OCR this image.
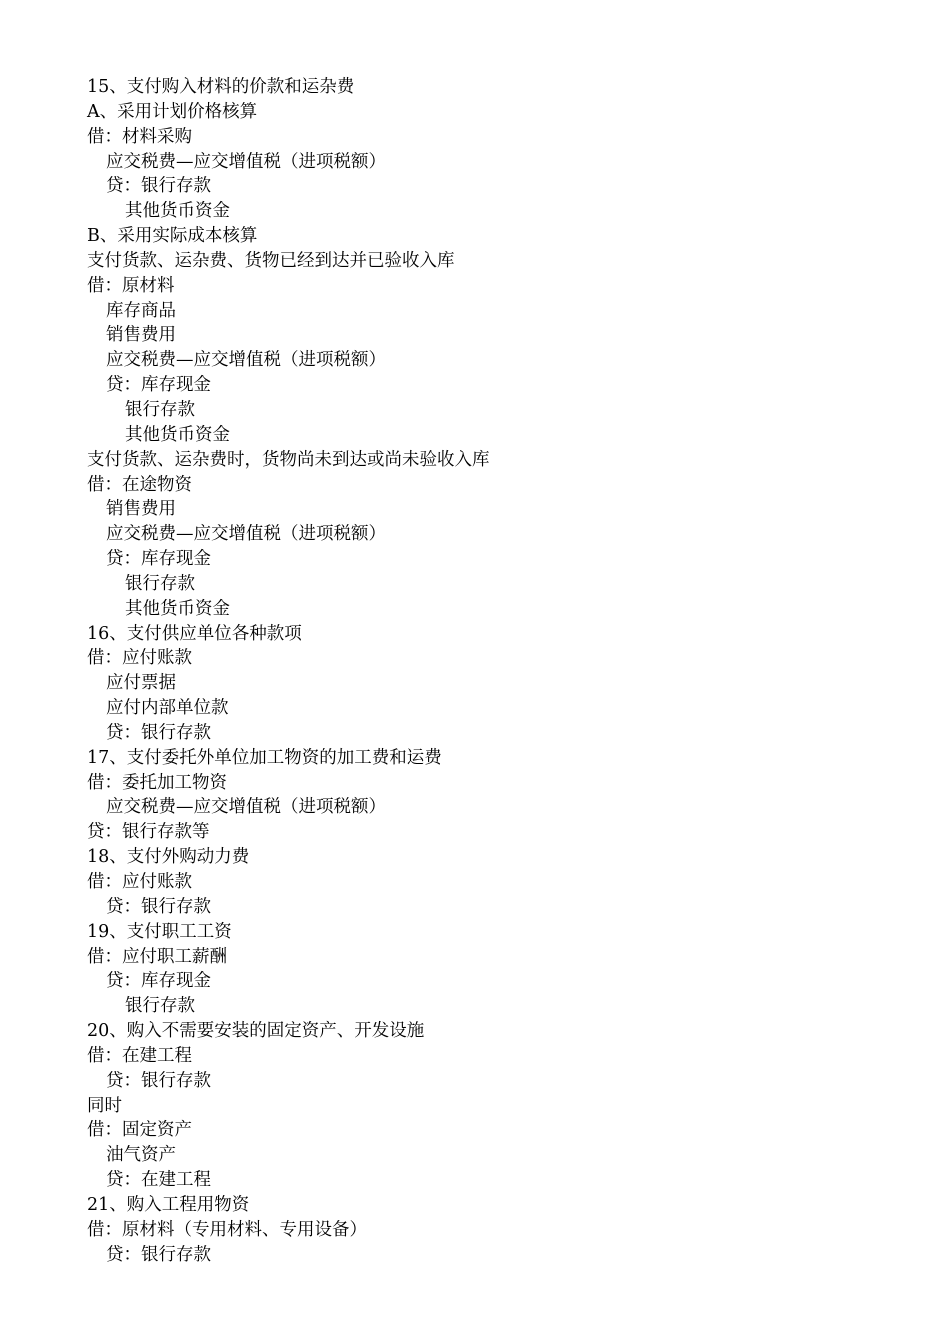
15、支付购入材料的价款和运杂费
A、采用计划价格核算
借：材料采购
应交税费—应交增值税（进项税额）
贷：银行存款
其他货币资金
B、采用实际成本核算
支付货款、运杂费、货物已经到达并已验收入库
借：原材料
库存商品
销售费用
应交税费—应交增值税（进项税额）
贷：库存现金
银行存款
其他货币资金
支付货款、运杂费时，货物尚未到达或尚未验收入库
借：在途物资
销售费用
应交税费—应交增值税（进项税额）
贷：库存现金
银行存款
其他货币资金
16、支付供应单位各种款项
借：应付账款
应付票据
应付内部单位款
贷：银行存款
17、支付委托外单位加工物资的加工费和运费
借：委托加工物资
应交税费—应交增值税（进项税额）
贷：银行存款等
18、支付外购动力费
借：应付账款
贷：银行存款
19、支付职工工资
借：应付职工薪酬
贷：库存现金
银行存款
20、购入不需要安装的固定资产、开发设施
借：在建工程
贷：银行存款
同时
借：固定资产
油气资产
贷：在建工程
21、购入工程用物资
借：原材料（专用材料、专用设备）
贷：银行存款
